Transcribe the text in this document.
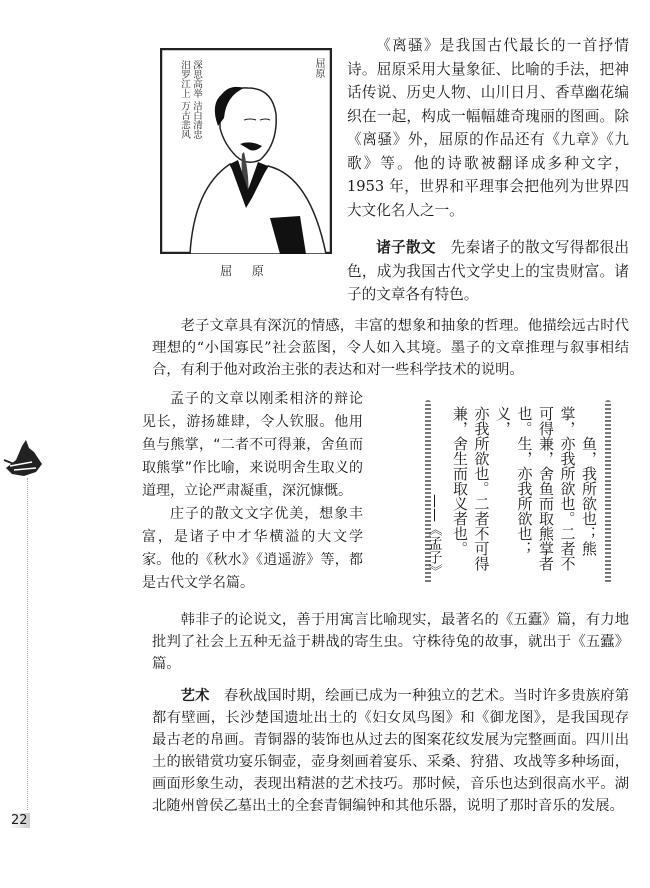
22
深思高举 洁白清忠 汨罗江上 万古悲风	屈原
屈 原

《离骚》是我国古代最长的一首抒情诗。屈原采用大量象征、比喻的手法，把神话传说、历史人物、山川日月、香草幽花编织在一起，构成一幅幅雄奇瑰丽的图画。除《离骚》外，屈原的作品还有《九章》《九歌》等。他的诗歌被翻译成多种文字，1953 年，世界和平理事会把他列为世界四大文化名人之一。

诸子散文  先秦诸子的散文写得都很出色，成为我国古代文学史上的宝贵财富。诸子的文章各有特色。

老子文章具有深沉的情感，丰富的想象和抽象的哲理。他描绘远古时代理想的“小国寡民”社会蓝图，令人如入其境。墨子的文章推理与叙事相结合，有利于他对政治主张的表达和对一些科学技术的说明。

孟子的文章以刚柔相济的辩论见长，游扬雄肆，令人钦服。他用鱼与熊掌，“二者不可得兼，舍鱼而取熊掌”作比喻，来说明舍生取义的道理，立论严肃凝重，深沉慷慨。

庄子的散文文字优美，想象丰富，是诸子中才华横溢的大文学家。他的《秋水》《逍遥游》等，都是古代文学名篇。

鱼，我所欲也；熊
掌，亦我所欲也。二者不
可得兼，舍鱼而取熊掌者
也。生，亦我所欲也；义，
亦我所欲也。二者不可得
兼，舍生而取义者也。
——《孟子》

韩非子的论说文，善于用寓言比喻现实，最著名的《五蠹》篇，有力地批判了社会上五种无益于耕战的寄生虫。守株待兔的故事，就出于《五蠹》篇。

艺术  春秋战国时期，绘画已成为一种独立的艺术。当时许多贵族府第都有壁画，长沙楚国遗址出土的《妇女凤鸟图》和《御龙图》，是我国现存最古老的帛画。青铜器的装饰也从过去的图案花纹发展为完整画面。四川出土的嵌错赏功宴乐铜壶，壶身刻画着宴乐、采桑、狩猎、攻战等多种场面，画面形象生动，表现出精湛的艺术技巧。那时候，音乐也达到很高水平。湖北随州曾侯乙墓出土的全套青铜编钟和其他乐器，说明了那时音乐的发展。
